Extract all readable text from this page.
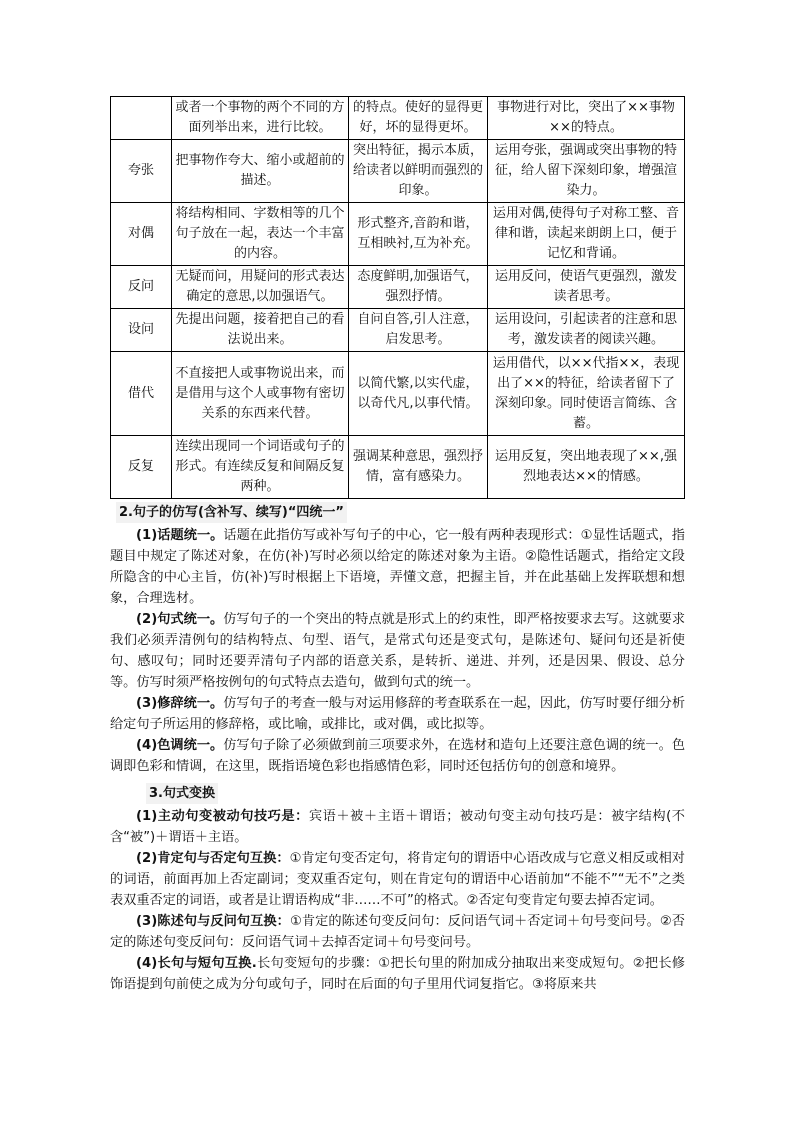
	或者一个事物的两个不同的方面列举出来，进行比较。	的特点。使好的显得更好，坏的显得更坏。	事物进行对比，突出了××事物××的特点。
夸张	把事物作夸大、缩小或超前的描述。	突出特征，揭示本质，给读者以鲜明而强烈的印象。	运用夸张，强调或突出事物的特征，给人留下深刻印象，增强渲染力。
对偶	将结构相同、字数相等的几个句子放在一起，表达一个丰富的内容。	形式整齐,音韵和谐，互相映衬,互为补充。	运用对偶,使得句子对称工整、音律和谐，读起来朗朗上口，便于记忆和背诵。
反问	无疑而问，用疑问的形式表达确定的意思,以加强语气。	态度鲜明,加强语气，强烈抒情。	运用反问，使语气更强烈，激发读者思考。
设问	先提出问题，接着把自己的看法说出来。	自问自答,引人注意，启发思考。	运用设问，引起读者的注意和思考，激发读者的阅读兴趣。
借代	不直接把人或事物说出来，而是借用与这个人或事物有密切关系的东西来代替。	以简代繁,以实代虚，以奇代凡,以事代情。	运用借代，以××代指××，表现出了××的特征，给读者留下了深刻印象。同时使语言简练、含蓄。
反复	连续出现同一个词语或句子的形式。有连续反复和间隔反复两种。	强调某种意思，强烈抒情，富有感染力。	运用反复，突出地表现了××,强烈地表达××的情感。
2.句子的仿写(含补写、续写)“四统一”

(1)话题统一。话题在此指仿写或补写句子的中心，它一般有两种表现形式：①显性话题式，指题目中规定了陈述对象，在仿(补)写时必须以给定的陈述对象为主语。②隐性话题式，指给定文段所隐含的中心主旨，仿(补)写时根据上下语境，弄懂文意，把握主旨，并在此基础上发挥联想和想象，合理选材。

(2)句式统一。仿写句子的一个突出的特点就是形式上的约束性，即严格按要求去写。这就要求我们必须弄清例句的结构特点、句型、语气，是常式句还是变式句，是陈述句、疑问句还是祈使句、感叹句；同时还要弄清句子内部的语意关系，是转折、递进、并列，还是因果、假设、总分等。仿写时须严格按例句的句式特点去造句，做到句式的统一。

(3)修辞统一。仿写句子的考查一般与对运用修辞的考查联系在一起，因此，仿写时要仔细分析给定句子所运用的修辞格，或比喻，或排比，或对偶，或比拟等。

(4)色调统一。仿写句子除了必须做到前三项要求外，在选材和造句上还要注意色调的统一。色调即色彩和情调，在这里，既指语境色彩也指感情色彩，同时还包括仿句的创意和境界。

3.句式变换

(1)主动句变被动句技巧是：宾语＋被＋主语＋谓语；被动句变主动句技巧是：被字结构(不含“被”)＋谓语＋主语。

(2)肯定句与否定句互换：①肯定句变否定句，将肯定句的谓语中心语改成与它意义相反或相对的词语，前面再加上否定副词；变双重否定句，则在肯定句的谓语中心语前加“不能不”“无不”之类表双重否定的词语，或者是让谓语构成“非……不可”的格式。②否定句变肯定句要去掉否定词。

(3)陈述句与反问句互换：①肯定的陈述句变反问句：反问语气词＋否定词＋句号变问号。②否定的陈述句变反问句：反问语气词＋去掉否定词＋句号变问号。

(4)长句与短句互换.长句变短句的步骤：①把长句里的附加成分抽取出来变成短句。②把长修饰语提到句前使之成为分句或句子，同时在后面的句子里用代词复指它。③将原来共
